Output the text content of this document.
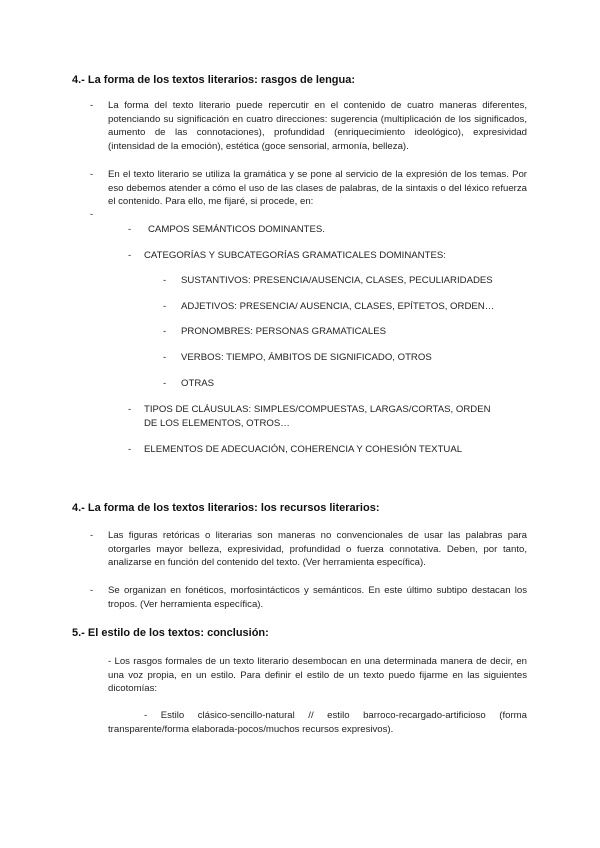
4.- La forma de los textos literarios: rasgos de lengua:
- La forma del texto literario puede repercutir en el contenido de cuatro maneras diferentes, potenciando su significación en cuatro direcciones: sugerencia (multiplicación de los significados, aumento de las connotaciones), profundidad (enriquecimiento ideológico), expresividad (intensidad de la emoción), estética (goce sensorial, armonía, belleza).

- En el texto literario se utiliza la gramática y se pone al servicio de la expresión de los temas. Por eso debemos atender a cómo el uso de las clases de palabras, de la sintaxis o del léxico refuerza el contenido. Para ello, me fijaré, si procede, en:

-
- CAMPOS SEMÁNTICOS DOMINANTES.
- CATEGORÍAS Y SUBCATEGORÍAS GRAMATICALES DOMINANTES:
- SUSTANTIVOS: PRESENCIA/AUSENCIA, CLASES, PECULIARIDADES
- ADJETIVOS: PRESENCIA/ AUSENCIA, CLASES, EPÍTETOS, ORDEN…
- PRONOMBRES: PERSONAS GRAMATICALES
- VERBOS: TIEMPO, ÁMBITOS DE SIGNIFICADO, OTROS
- OTRAS
- TIPOS DE CLÁUSULAS: SIMPLES/COMPUESTAS, LARGAS/CORTAS, ORDEN DE LOS ELEMENTOS, OTROS…

- ELEMENTOS DE ADECUACIÓN, COHERENCIA Y COHESIÓN TEXTUAL
4.- La forma de los textos literarios: los recursos literarios:
- Las figuras retóricas o literarias son maneras no convencionales de usar las palabras para otorgarles mayor belleza, expresividad, profundidad o fuerza connotativa. Deben, por tanto, analizarse en función del contenido del texto. (Ver herramienta específica).

- Se organizan en fonéticos, morfosintácticos y semánticos. En este último subtipo destacan los tropos. (Ver herramienta específica).

5.- El estilo de los textos: conclusión:

- Los rasgos formales de un texto literario desembocan en una determinada manera de decir, en una voz propia, en un estilo. Para definir el estilo de un texto puedo fijarme en las siguientes dicotomías:

- Estilo clásico-sencillo-natural // estilo barroco-recargado-artificioso (forma transparente/forma elaborada-pocos/muchos recursos expresivos).
